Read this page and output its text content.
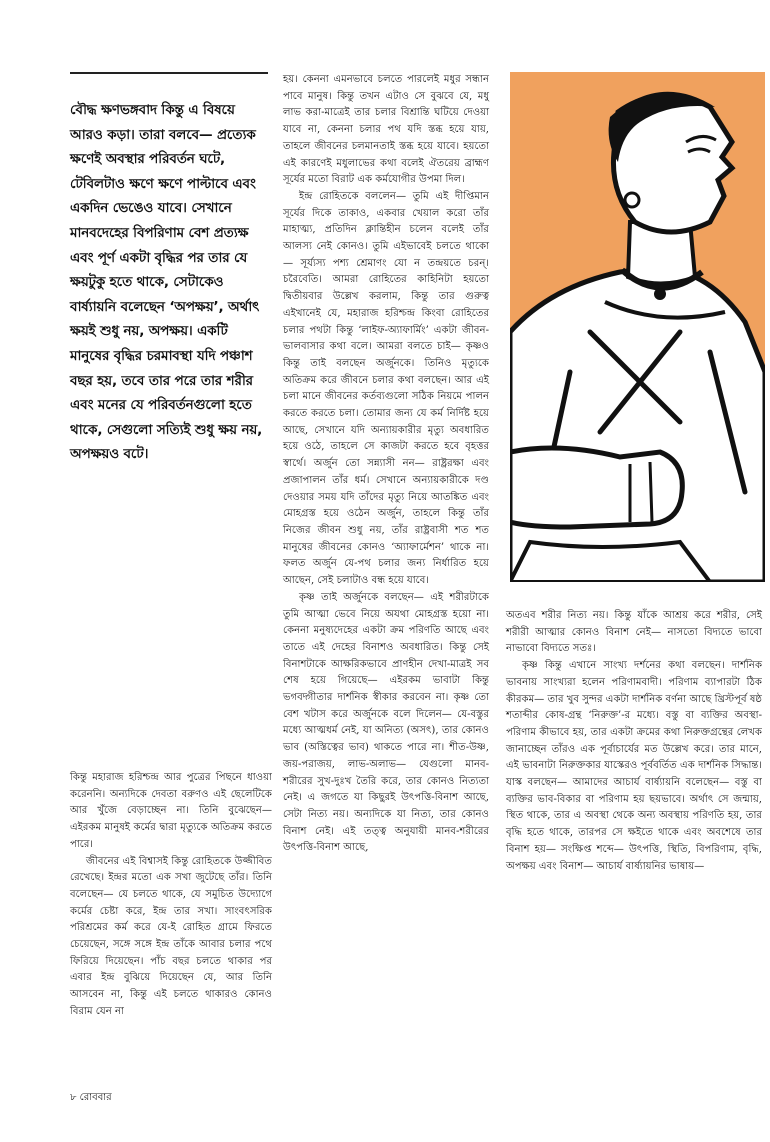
বৌদ্ধ ক্ষণভঙ্গবাদ কিন্তু এ বিষয়ে আরও কড়া। তারা বলবে— প্রত্যেক ক্ষণেই অবস্থার পরিবর্তন ঘটে, টেবিলটাও ক্ষণে ক্ষণে পাল্টাবে এবং একদিন ভেঙেও যাবে। সেখানে মানবদেহের বিপরিণাম বেশ প্রত্যক্ষ এবং পূর্ণ একটা বৃদ্ধির পর তার যে ক্ষয়টুকু হতে থাকে, সেটাকেও বার্ষ্যায়নি বলেছেন ‘অপক্ষয়’, অর্থাৎ ক্ষয়ই শুধু নয়, অপক্ষয়। একটি মানুষের বৃদ্ধির চরমাবস্থা যদি পঞ্চাশ বছর হয়, তবে তার পরে তার শরীর এবং মনের যে পরিবর্তনগুলো হতে থাকে, সেগুলো সত্যিই শুধু ক্ষয় নয়, অপক্ষয়ও বটে।

কিন্তু মহারাজ হরিশ্চন্দ্র আর পুত্রের পিছনে ধাওয়া করেননি। অন্যদিকে দেবতা বরুণও এই ছেলেটিকে আর খুঁজে বেড়াচ্ছেন না। তিনি বুঝেছেন— এইরকম মানুষই কর্মের দ্বারা মৃত্যুকে অতিক্রম করতে পারে।

জীবনের এই বিশ্বাসই কিন্তু রোহিতকে উজ্জীবিত রেখেছে। ইন্দ্রর মতো এক সখা জুটেছে তাঁর। তিনি বলেছেন— যে চলতে থাকে, যে সমুচিত উদ্যোগে কর্মের চেষ্টা করে, ইন্দ্র তার সখা। সাংবৎসরিক পরিশ্রমের কর্ম করে যে-ই রোহিত গ্রামে ফিরতে চেয়েছেন, সঙ্গে সঙ্গে ইন্দ্র তাঁকে আবার চলার পথে ফিরিয়ে দিয়েছেন। পাঁচ বছর চলতে থাকার পর এবার ইন্দ্র বুঝিয়ে দিয়েছেন যে, আর তিনি আসবেন না, কিন্তু এই চলতে থাকারও কোনও বিরাম যেন না

হয়। কেননা এমনভাবে চলতে পারলেই মধুর সন্ধান পাবে মানুষ। কিন্তু তখন এটাও সে বুঝবে যে, মধু লাভ করা-মাত্রেই তার চলার বিশ্রান্তি ঘটিয়ে দেওয়া যাবে না, কেননা চলার পথ যদি স্তব্ধ হয়ে যায়, তাহলে জীবনের চলমানতাই স্তব্ধ হয়ে যাবে। হয়তো এই কারণেই মধুলাভের কথা বলেই ঐতরেয় ব্রাহ্মণ সূর্যের মতো বিরাট এক কর্মযোগীর উপমা দিল।

ইন্দ্র রোহিতকে বললেন— তুমি এই দীপ্তিমান সূর্যের দিকে তাকাও, একবার খেয়াল করো তাঁর মাহাত্ম্য, প্রতিদিন ক্লান্তিহীন চলেন বলেই তাঁর আলস্য নেই কোনও। তুমি এইভাবেই চলতে থাকো— সূর্য্যস্য পশ্য শ্রেমাণং যো ন তন্দ্রয়তে চরন্। চরৈবেতি। আমরা রোহিতের কাহিনিটা হয়তো দ্বিতীয়বার উল্লেখ করলাম, কিন্তু তার গুরুত্ব এইখানেই যে, মহারাজ হরিশ্চন্দ্র কিংবা রোহিতের চলার পথটা কিন্তু ‘লাইফ-অ্যাফার্মিং’ একটা জীবন-ভালবাসার কথা বলে। আমরা বলতে চাই— কৃষ্ণও কিন্তু তাই বলছেন অর্জুনকে। তিনিও মৃত্যুকে অতিক্রম করে জীবনে চলার কথা বলছেন। আর এই চলা মানে জীবনের কর্তব্যগুলো সঠিক নিয়মে পালন করতে করতে চলা। তোমার জন্য যে কর্ম নির্দিষ্ট হয়ে আছে, সেখানে যদি অন্যায়কারীর মৃত্যু অবধারিত হয়ে ওঠে, তাহলে সে কাজটা করতে হবে বৃহত্তর স্বার্থে। অর্জুন তো সন্ন্যাসী নন— রাষ্ট্ররক্ষা এবং প্রজাপালন তাঁর ধর্ম। সেখানে অন্যায়কারীকে দণ্ড দেওয়ার সময় যদি তাঁদের মৃত্যু নিয়ে আতঙ্কিত এবং মোহগ্রস্ত হয়ে ওঠেন অর্জুন, তাহলে কিন্তু তাঁর নিজের জীবন শুধু নয়, তাঁর রাষ্ট্রবাসী শত শত মানুষের জীবনের কোনও ‘অ্যাফার্মেশন’ থাকে না। ফলত অর্জুন যে-পথ চলার জন্য নির্ধারিত হয়ে আছেন, সেই চলাটাও বন্ধ হয়ে যাবে।

কৃষ্ণ তাই অর্জুনকে বলছেন— এই শরীরটাকে তুমি আত্মা ভেবে নিয়ে অযথা মোহগ্রস্ত হয়ো না। কেননা মনুষ্যদেহের একটা ক্রম পরিণতি আছে এবং তাতে এই দেহের বিনাশও অবধারিত। কিন্তু সেই বিনাশটাকে আক্ষরিকভাবে প্রাণহীন দেখা-মাত্রই সব শেষ হয়ে গিয়েছে— এইরকম ভাবাটা কিন্তু ভগবদ্গীতার দার্শনিক স্বীকার করবেন না। কৃষ্ণ তো বেশ খটাস করে অর্জুনকে বলে দিলেন— যে-বস্তুর মধ্যে আত্মধর্ম নেই, যা অনিত্য (অসৎ), তার কোনও ভাব (অস্তিত্বের ভাব) থাকতে পারে না। শীত-উষ্ণ, জয়-পরাজয়, লাভ-অলাভ— যেগুলো মানব-শরীরের সুখ-দুঃখ তৈরি করে, তার কোনও নিত্যতা নেই। এ জগতে যা কিছুরই উৎপত্তি-বিনাশ আছে, সেটা নিত্য নয়। অন্যদিকে যা নিত্য, তার কোনও বিনাশ নেই। এই তত্ত্ব অনুযায়ী মানব-শরীরের উৎপত্তি-বিনাশ আছে,

অতএব শরীর নিত্য নয়। কিন্তু যাঁকে আশ্রয় করে শরীর, সেই শরীরী আত্মার কোনও বিনাশ নেই— নাসতো বিদ্যতে ভাবো নাভাবো বিদ্যতে সতঃ।

কৃষ্ণ কিন্তু এখানে সাংখ্য দর্শনের কথা বলছেন। দার্শনিক ভাবনায় সাংখ্যরা হলেন পরিণামবাদী। পরিণাম ব্যাপারটা ঠিক কীরকম— তার খুব সুন্দর একটা দার্শনিক বর্ণনা আছে খ্রিস্টপূর্ব ষষ্ঠ শতাব্দীর কোষ-গ্রন্থ ‘নিরুক্ত’-র মধ্যে। বস্তু বা ব্যক্তির অবস্থা-পরিণাম কীভাবে হয়, তার একটা ক্রমের কথা নিরুক্তগ্রন্থের লেখক জানাচ্ছেন তাঁরও এক পূর্বাচার্যের মত উল্লেখ করে। তার মানে, এই ভাবনাটা নিরুক্তকার যাস্কেরও পূর্ববর্তিত এক দার্শনিক সিদ্ধান্ত। যাস্ক বলছেন— আমাদের আচার্য বার্ষ্যায়নি বলেছেন— বস্তু বা ব্যক্তির ভাব-বিকার বা পরিণাম হয় ছয়ভাবে। অর্থাৎ সে জন্মায়, স্থিত থাকে, তার এ অবস্থা থেকে অন্য অবস্থায় পরিণতি হয়, তার বৃদ্ধি হতে থাকে, তারপর সে ক্ষইতে থাকে এবং অবশেষে তার বিনাশ হয়— সংক্ষিপ্ত শব্দে— উৎপত্তি, স্থিতি, বিপরিণাম, বৃদ্ধি, অপক্ষয় এবং বিনাশ— আচার্য বার্ষ্যায়নির ভাষায়—

৮ রোববার
